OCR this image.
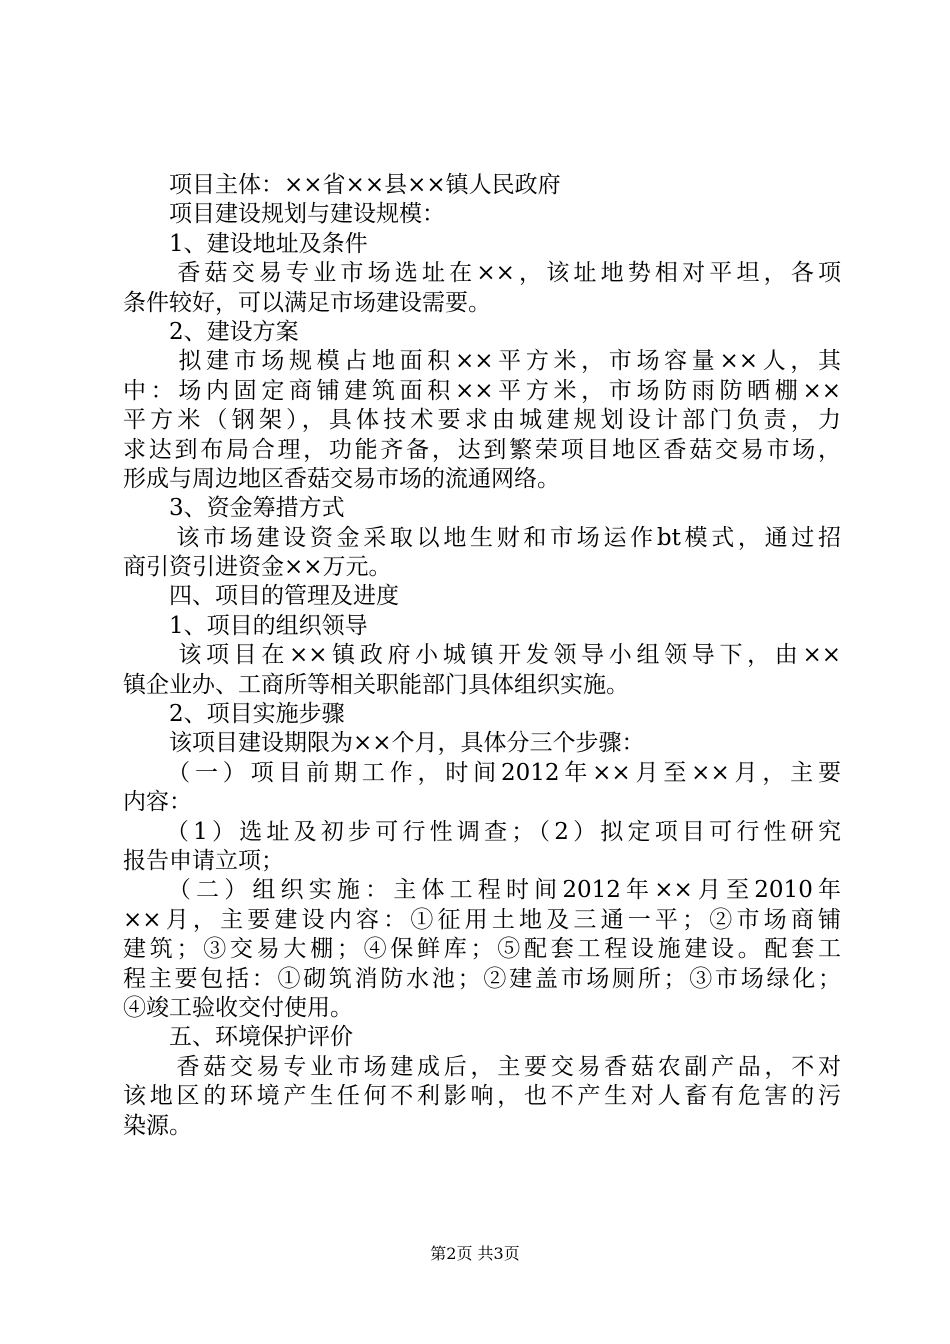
　　项目主体：××省××县××镇人民政府
　　项目建设规划与建设规模：
　　1、建设地址及条件
　　香菇交易专业市场选址在××，该址地势相对平坦，各项
条件较好，可以满足市场建设需要。
　　2、建设方案
　　拟建市场规模占地面积××平方米，市场容量××人，其
中：场内固定商铺建筑面积××平方米，市场防雨防晒棚××
平方米（钢架），具体技术要求由城建规划设计部门负责，力
求达到布局合理，功能齐备，达到繁荣项目地区香菇交易市场，
形成与周边地区香菇交易市场的流通网络。
　　3、资金筹措方式
　　该市场建设资金采取以地生财和市场运作bt模式，通过招
商引资引进资金××万元。
　　四、项目的管理及进度
　　1、项目的组织领导
　　该项目在××镇政府小城镇开发领导小组领导下，由××
镇企业办、工商所等相关职能部门具体组织实施。
　　2、项目实施步骤
　　该项目建设期限为××个月，具体分三个步骤：
　　（一）项目前期工作，时间2012年××月至××月，主要
内容：
　　（1）选址及初步可行性调查；（2）拟定项目可行性研究
报告申请立项；
　　（二）组织实施：主体工程时间2012年××月至2010年
××月，主要建设内容：①征用土地及三通一平；②市场商铺
建筑；③交易大棚；④保鲜库；⑤配套工程设施建设。配套工
程主要包括：①砌筑消防水池；②建盖市场厕所；③市场绿化；
④竣工验收交付使用。
　　五、环境保护评价
　　香菇交易专业市场建成后，主要交易香菇农副产品，不对
该地区的环境产生任何不利影响，也不产生对人畜有危害的污
染源。
第2页 共3页
